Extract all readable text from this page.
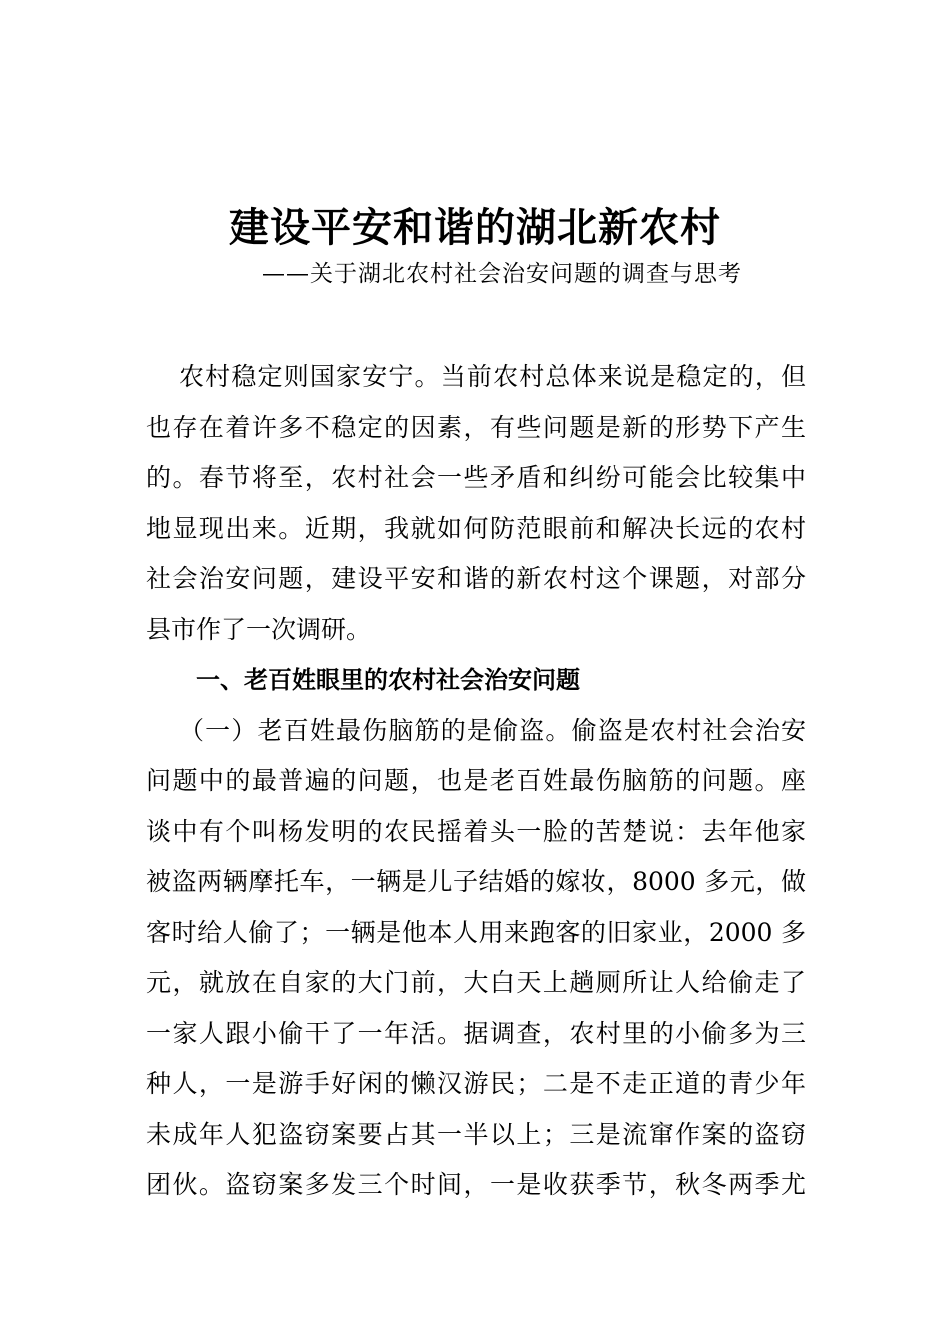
建设平安和谐的湖北新农村
——关于湖北农村社会治安问题的调查与思考
农村稳定则国家安宁。当前农村总体来说是稳定的，但
也存在着许多不稳定的因素，有些问题是新的形势下产生
的。春节将至，农村社会一些矛盾和纠纷可能会比较集中
地显现出来。近期，我就如何防范眼前和解决长远的农村
社会治安问题，建设平安和谐的新农村这个课题，对部分
县市作了一次调研。
一、老百姓眼里的农村社会治安问题
（一）老百姓最伤脑筋的是偷盗。偷盗是农村社会治安
问题中的最普遍的问题，也是老百姓最伤脑筋的问题。座
谈中有个叫杨发明的农民摇着头一脸的苦楚说：去年他家
被盗两辆摩托车，一辆是儿子结婚的嫁妆，8000 多元，做
客时给人偷了；一辆是他本人用来跑客的旧家业，2000 多
元，就放在自家的大门前，大白天上趟厕所让人给偷走了
一家人跟小偷干了一年活。据调查，农村里的小偷多为三
种人，一是游手好闲的懒汉游民；二是不走正道的青少年
未成年人犯盗窃案要占其一半以上；三是流窜作案的盗窃
团伙。盗窃案多发三个时间，一是收获季节，秋冬两季尤
